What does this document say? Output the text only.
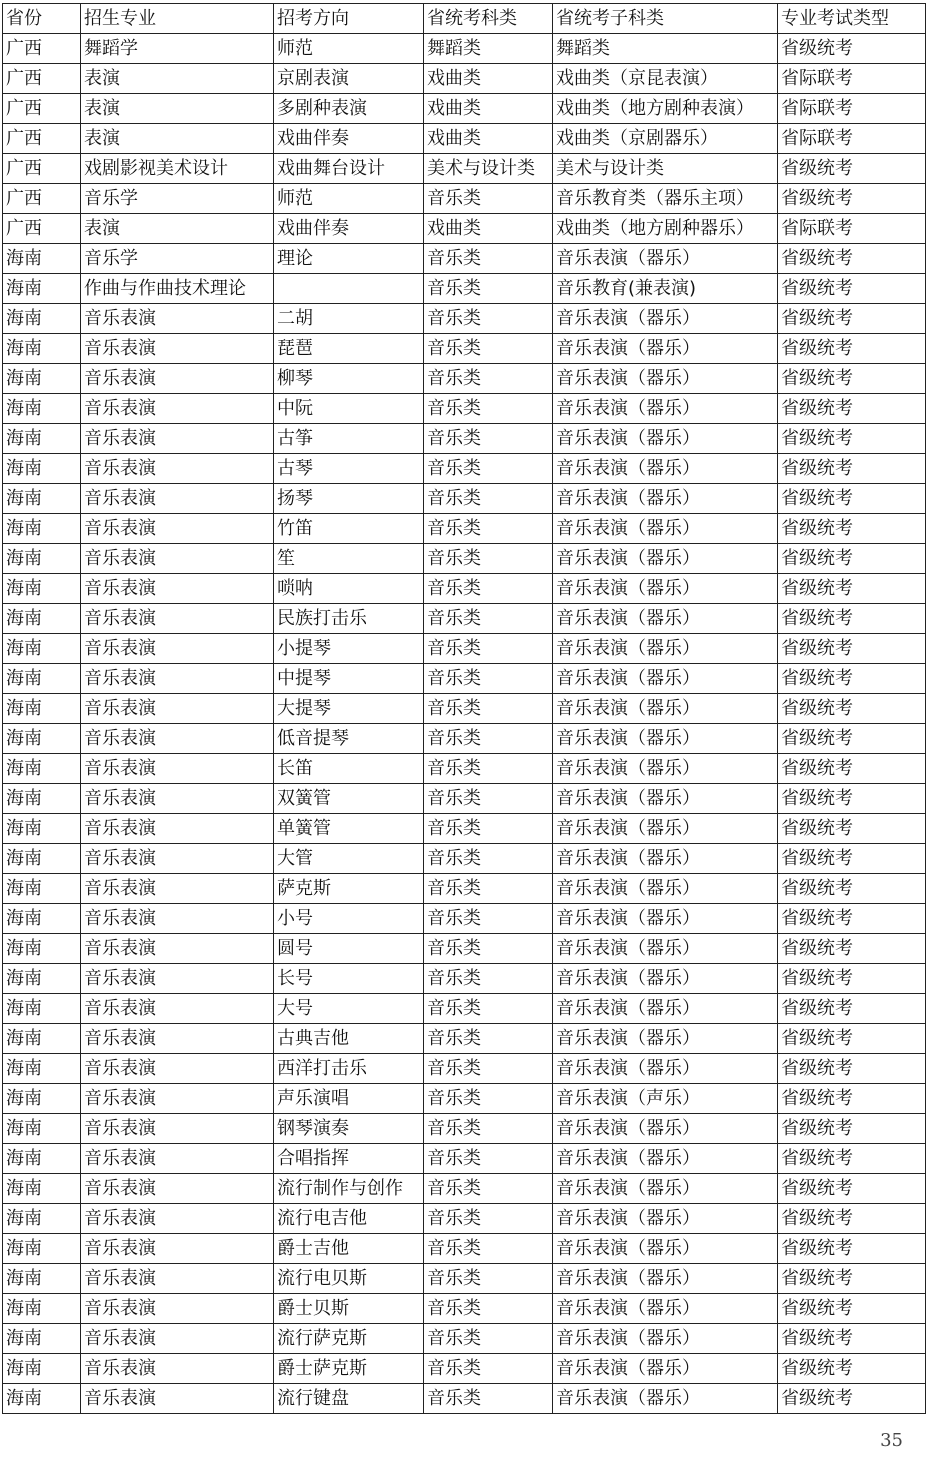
省份	招生专业	招考方向	省统考科类	省统考子科类	专业考试类型
广西	舞蹈学	师范	舞蹈类	舞蹈类	省级统考
广西	表演	京剧表演	戏曲类	戏曲类（京昆表演）	省际联考
广西	表演	多剧种表演	戏曲类	戏曲类（地方剧种表演）	省际联考
广西	表演	戏曲伴奏	戏曲类	戏曲类（京剧器乐）	省际联考
广西	戏剧影视美术设计	戏曲舞台设计	美术与设计类	美术与设计类	省级统考
广西	音乐学	师范	音乐类	音乐教育类（器乐主项）	省级统考
广西	表演	戏曲伴奏	戏曲类	戏曲类（地方剧种器乐）	省际联考
海南	音乐学	理论	音乐类	音乐表演（器乐）	省级统考
海南	作曲与作曲技术理论		音乐类	音乐教育(兼表演)	省级统考
海南	音乐表演	二胡	音乐类	音乐表演（器乐）	省级统考
海南	音乐表演	琵琶	音乐类	音乐表演（器乐）	省级统考
海南	音乐表演	柳琴	音乐类	音乐表演（器乐）	省级统考
海南	音乐表演	中阮	音乐类	音乐表演（器乐）	省级统考
海南	音乐表演	古筝	音乐类	音乐表演（器乐）	省级统考
海南	音乐表演	古琴	音乐类	音乐表演（器乐）	省级统考
海南	音乐表演	扬琴	音乐类	音乐表演（器乐）	省级统考
海南	音乐表演	竹笛	音乐类	音乐表演（器乐）	省级统考
海南	音乐表演	笙	音乐类	音乐表演（器乐）	省级统考
海南	音乐表演	唢呐	音乐类	音乐表演（器乐）	省级统考
海南	音乐表演	民族打击乐	音乐类	音乐表演（器乐）	省级统考
海南	音乐表演	小提琴	音乐类	音乐表演（器乐）	省级统考
海南	音乐表演	中提琴	音乐类	音乐表演（器乐）	省级统考
海南	音乐表演	大提琴	音乐类	音乐表演（器乐）	省级统考
海南	音乐表演	低音提琴	音乐类	音乐表演（器乐）	省级统考
海南	音乐表演	长笛	音乐类	音乐表演（器乐）	省级统考
海南	音乐表演	双簧管	音乐类	音乐表演（器乐）	省级统考
海南	音乐表演	单簧管	音乐类	音乐表演（器乐）	省级统考
海南	音乐表演	大管	音乐类	音乐表演（器乐）	省级统考
海南	音乐表演	萨克斯	音乐类	音乐表演（器乐）	省级统考
海南	音乐表演	小号	音乐类	音乐表演（器乐）	省级统考
海南	音乐表演	圆号	音乐类	音乐表演（器乐）	省级统考
海南	音乐表演	长号	音乐类	音乐表演（器乐）	省级统考
海南	音乐表演	大号	音乐类	音乐表演（器乐）	省级统考
海南	音乐表演	古典吉他	音乐类	音乐表演（器乐）	省级统考
海南	音乐表演	西洋打击乐	音乐类	音乐表演（器乐）	省级统考
海南	音乐表演	声乐演唱	音乐类	音乐表演（声乐）	省级统考
海南	音乐表演	钢琴演奏	音乐类	音乐表演（器乐）	省级统考
海南	音乐表演	合唱指挥	音乐类	音乐表演（器乐）	省级统考
海南	音乐表演	流行制作与创作	音乐类	音乐表演（器乐）	省级统考
海南	音乐表演	流行电吉他	音乐类	音乐表演（器乐）	省级统考
海南	音乐表演	爵士吉他	音乐类	音乐表演（器乐）	省级统考
海南	音乐表演	流行电贝斯	音乐类	音乐表演（器乐）	省级统考
海南	音乐表演	爵士贝斯	音乐类	音乐表演（器乐）	省级统考
海南	音乐表演	流行萨克斯	音乐类	音乐表演（器乐）	省级统考
海南	音乐表演	爵士萨克斯	音乐类	音乐表演（器乐）	省级统考
海南	音乐表演	流行键盘	音乐类	音乐表演（器乐）	省级统考
35
